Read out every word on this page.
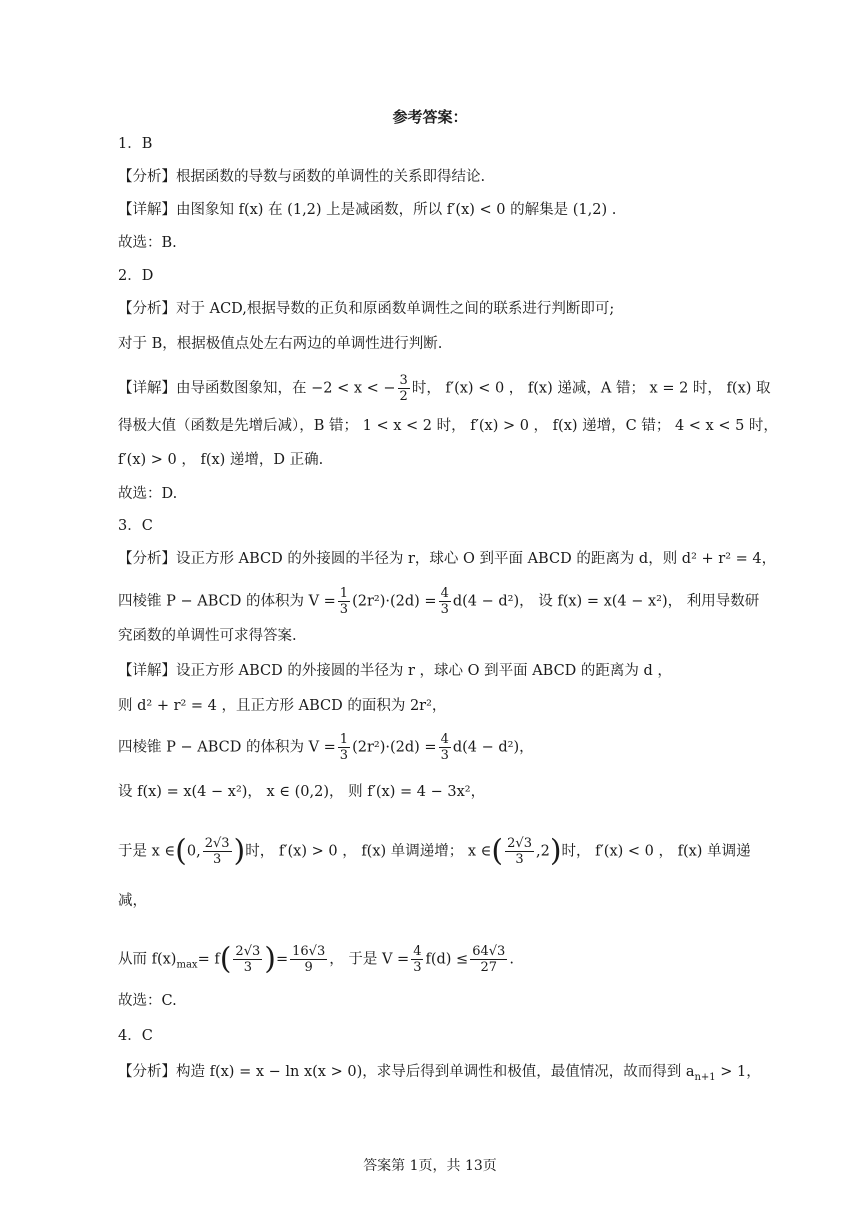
参考答案：
1．B
【分析】根据函数的导数与函数的单调性的关系即得结论.
【详解】由图象知 f(x) 在 (1,2) 上是减函数，所以 f′(x) < 0 的解集是 (1,2) .
故选：B.
2．D
【分析】对于 ACD,根据导数的正负和原函数单调性之间的联系进行判断即可;
对于 B，根据极值点处左右两边的单调性进行判断.
【详解】由导函数图象知，在 −2 < x < − $\frac{3}{2}$ 时， f′(x) < 0 ， f(x) 递减，A 错； x = 2 时， f(x) 取
得极大值（函数是先增后减），B 错； 1 < x < 2 时， f′(x) > 0 ， f(x) 递增，C 错； 4 < x < 5 时，
f′(x) > 0 ， f(x) 递增，D 正确.
故选：D.
3．C
【分析】设正方形 ABCD 的外接圆的半径为 r，球心 O 到平面 ABCD 的距离为 d，则 d² + r² = 4，
四棱锥 P − ABCD 的体积为 $V = \frac{1}{3} (2r^2)\cdot(2d) = \frac{4}{3} d(4 - d^2)$， 设 f(x) = x(4 − x²)， 利用导数研
究函数的单调性可求得答案.
【详解】设正方形 ABCD 的外接圆的半径为 r ，球心 O 到平面 ABCD 的距离为 d ，
则 d² + r² = 4 ，且正方形 ABCD 的面积为 2r²，
四棱锥 P − ABCD 的体积为 $V = \frac{1}{3} (2r^2)\cdot(2d) = \frac{4}{3} d(4 - d^2)$，
设 f(x) = x(4 − x²)， x ∈ (0,2)， 则 f′(x) = 4 − 3x²，
于是 x ∈(0, $\frac{2√3}{3}$ )时， f′(x) > 0 ， f(x) 单调递增； x ∈( $\frac{2√3}{3} ,2$)时， f′(x) < 0 ， f(x) 单调递
减，
从而 $f(x)_{max}= f( \frac{2√3}{3}$ )= $\frac{16√3}{9}$ ， 于是 $V = \frac{4}{3} f(d) \le \frac{64√3}{27}$ .
故选：C.
4．C
【分析】构造 f(x) = x − ln x(x > 0)，求导后得到单调性和极值，最值情况，故而得到 $a_{n+1} > 1$，
答案第 1页，共 13页
